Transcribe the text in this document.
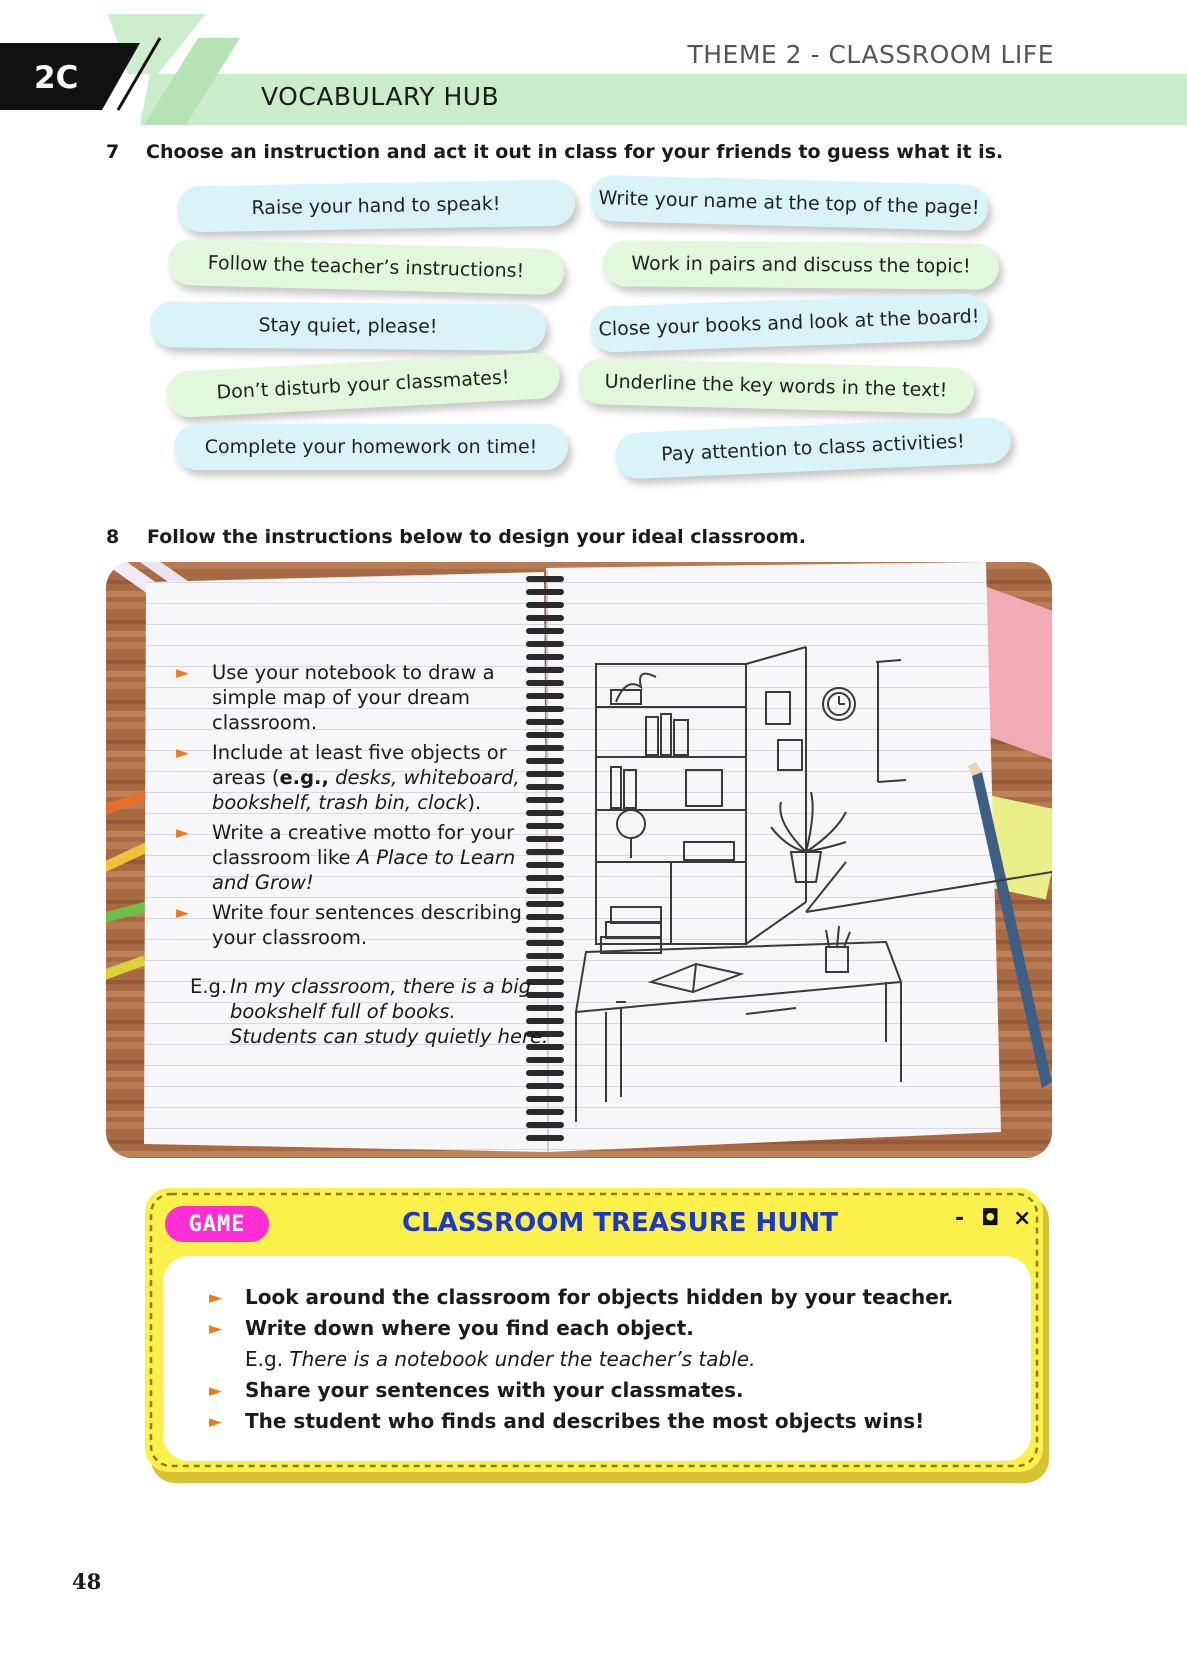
2C
THEME 2 - CLASSROOM LIFE
VOCABULARY HUB
7 Choose an instruction and act it out in class for your friends to guess what it is.
Raise your hand to speak!
Follow the teacher’s instructions!
Stay quiet, please!
Don’t disturb your classmates!
Complete your homework on time!
Write your name at the top of the page!
Work in pairs and discuss the topic!
Close your books and look at the board!
Underline the key words in the text!
Pay attention to class activities!
8 Follow the instructions below to design your ideal classroom.
► Use your notebook to draw a simple map of your dream classroom.
► Include at least five objects or areas (e.g., desks, whiteboard, bookshelf, trash bin, clock).
► Write a creative motto for your classroom like A Place to Learn and Grow!
► Write four sentences describing your classroom.
E.g. In my classroom, there is a big
bookshelf full of books.
Students can study quietly here.
GAME	CLASSROOM TREASURE HUNT	- ◘ ×
► Look around the classroom for objects hidden by your teacher.
► Write down where you find each object.
E.g. There is a notebook under the teacher’s table.
► Share your sentences with your classmates.
► The student who finds and describes the most objects wins!
48
